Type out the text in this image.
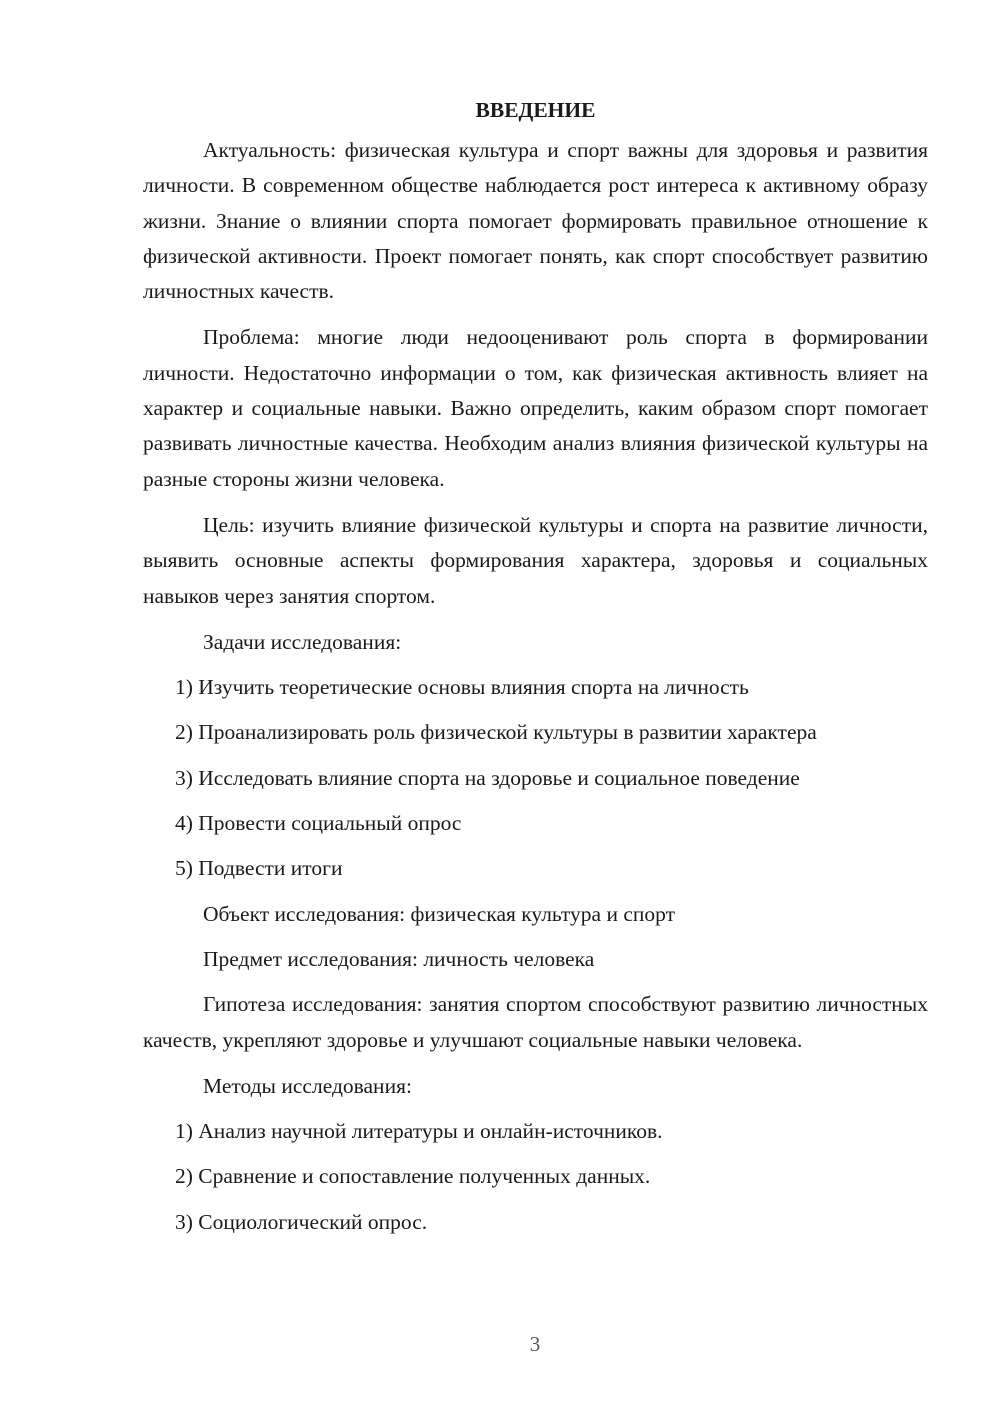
ВВЕДЕНИЕ

Актуальность: физическая культура и спорт важны для здоровья и развития личности. В современном обществе наблюдается рост интереса к активному образу жизни. Знание о влиянии спорта помогает формировать правильное отношение к физической активности. Проект помогает понять, как спорт способствует развитию личностных качеств.

Проблема: многие люди недооценивают роль спорта в формировании личности. Недостаточно информации о том, как физическая активность влияет на характер и социальные навыки. Важно определить, каким образом спорт помогает развивать личностные качества. Необходим анализ влияния физической культуры на разные стороны жизни человека.

Цель: изучить влияние физической культуры и спорта на развитие личности, выявить основные аспекты формирования характера, здоровья и социальных навыков через занятия спортом.

Задачи исследования:

1) Изучить теоретические основы влияния спорта на личность

2) Проанализировать роль физической культуры в развитии характера

3) Исследовать влияние спорта на здоровье и социальное поведение

4) Провести социальный опрос

5) Подвести итоги

Объект исследования: физическая культура и спорт

Предмет исследования: личность человека

Гипотеза исследования: занятия спортом способствуют развитию личностных качеств, укрепляют здоровье и улучшают социальные навыки человека.

Методы исследования:

1) Анализ научной литературы и онлайн-источников.

2) Сравнение и сопоставление полученных данных.

3) Социологический опрос.

3
